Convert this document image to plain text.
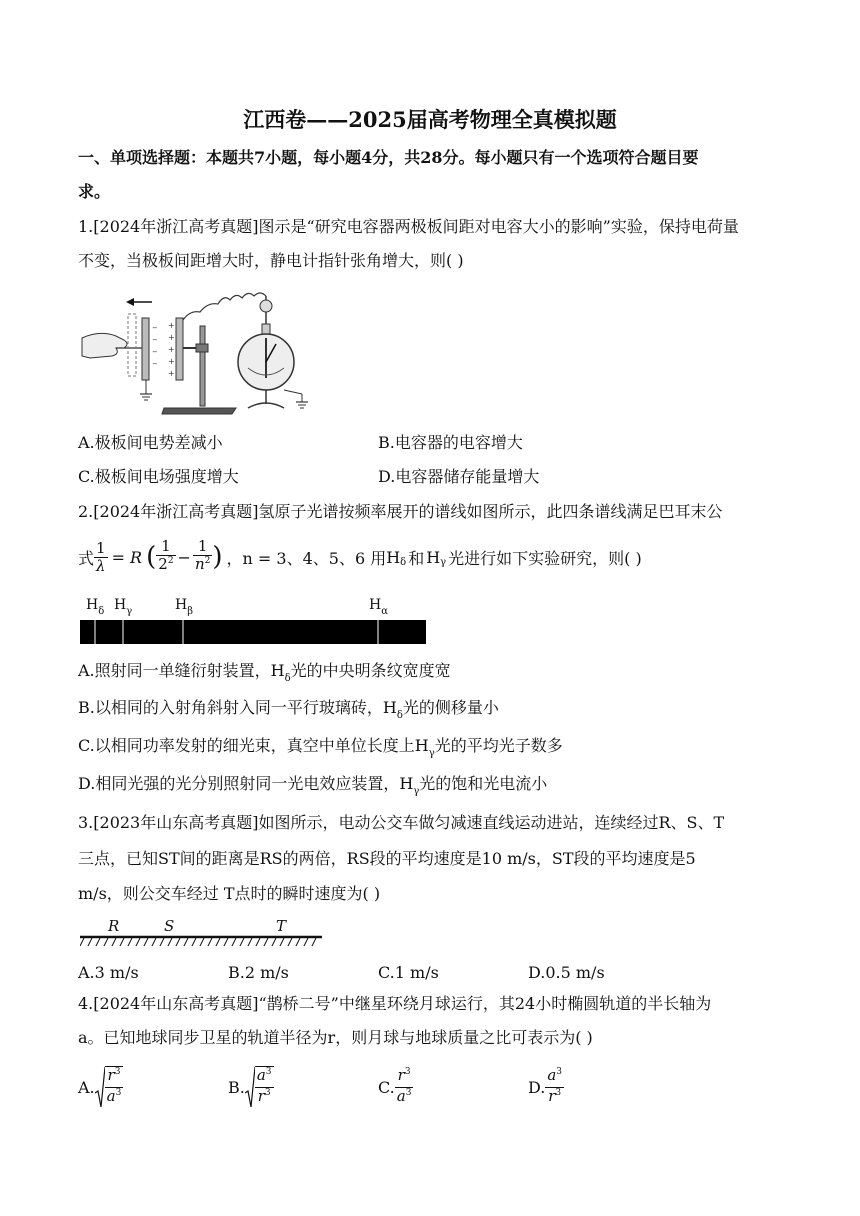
江西卷——2025届高考物理全真模拟题
一、单项选择题：本题共7小题，每小题4分，共28分。每小题只有一个选项符合题目要
求。
1.[2024年浙江高考真题]图示是“研究电容器两极板间距对电容大小的影响”实验，保持电荷量
不变，当极板间距增大时，静电计指针张角增大，则( )
−
−
−
−
+
+
+
+
+
A.极板间电势差减小	B.电容器的电容增大
C.极板间电场强度增大	D.电容器储存能量增大
2.[2024年浙江高考真题]氢原子光谱按频率展开的谱线如图所示，此四条谱线满足巴耳末公
式 $\frac{1}{\lambda} = R$ ( $\frac{1}{2^2} - \frac{1}{n^2}$ ) ，n = 3、4、5、6 用 H δ 和 H γ 光进行如下实验研究，则( )
$H_\delta$ $H_\gamma$	$H_\beta$	$H_\alpha$
A.照射同一单缝衍射装置，$H_\delta$光的中央明条纹宽度宽
B.以相同的入射角斜射入同一平行玻璃砖，$H_\delta$光的侧移量小
C.以相同功率发射的细光束，真空中单位长度上$H_\gamma$光的平均光子数多
D.相同光强的光分别照射同一光电效应装置，$H_\gamma$光的饱和光电流小
3.[2023年山东高考真题]如图所示，电动公交车做匀减速直线运动进站，连续经过R、S、T
三点，已知ST间的距离是RS的两倍，RS段的平均速度是10 m/s，ST段的平均速度是5
m/s，则公交车经过 T点时的瞬时速度为( )
R	S	T
A.3 m/s	B.2 m/s	C.1 m/s	D.0.5 m/s
4.[2024年山东高考真题]“鹊桥二号”中继星环绕月球运行，其24小时椭圆轨道的半长轴为
a。已知地球同步卫星的轨道半径为r，则月球与地球质量之比可表示为( )
A. $\frac{r^3}{a^3}$	B. $\frac{a^3}{r^3}$	C. $\frac{r^3}{a^3}$	D. $\frac{a^3}{r^3}$
